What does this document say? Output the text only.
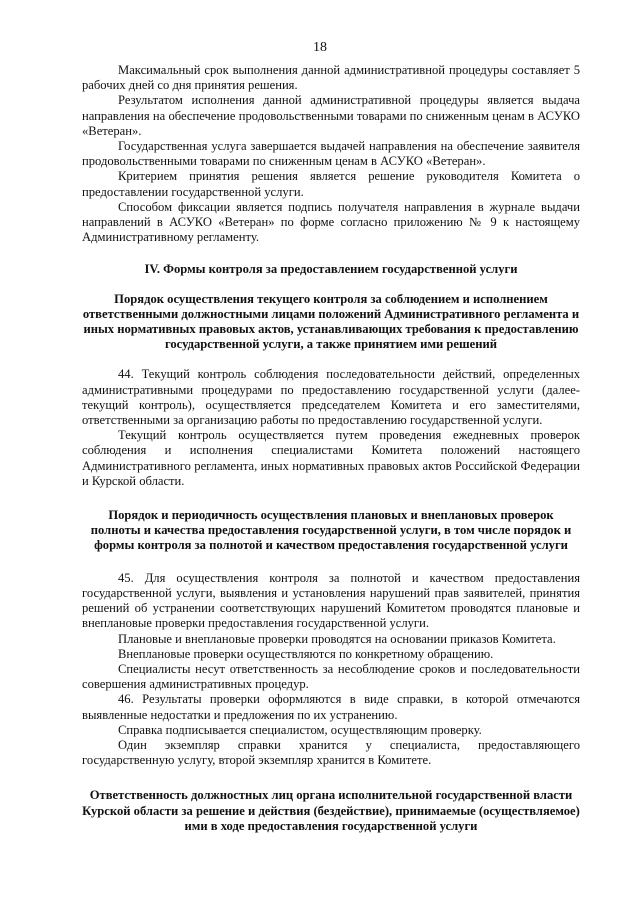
18

Максимальный срок выполнения данной административной процедуры составляет 5 рабочих дней со дня принятия решения.

Результатом исполнения данной административной процедуры является выдача направления на обеспечение продовольственными товарами по сниженным ценам в АСУКО «Ветеран».

Государственная услуга завершается выдачей направления на обеспечение заявителя продовольственными товарами по сниженным ценам в АСУКО «Ветеран».

Критерием принятия решения является решение руководителя Комитета о предоставлении государственной услуги.

Способом фиксации является подпись получателя направления в журнале выдачи направлений в АСУКО «Ветеран» по форме согласно приложению № 9 к настоящему Административному регламенту.

IV. Формы контроля за предоставлением государственной услуги
Порядок осуществления текущего контроля за соблюдением и исполнением ответственными должностными лицами положений Административного регламента и иных нормативных правовых актов, устанавливающих требования к предоставлению государственной услуги, а также принятием ими решений

44. Текущий контроль соблюдения последовательности действий, определенных административными процедурами по предоставлению государственной услуги (далее- текущий контроль), осуществляется председателем Комитета и его заместителями, ответственными за организацию работы по предоставлению государственной услуги.

Текущий контроль осуществляется путем проведения ежедневных проверок соблюдения и исполнения специалистами Комитета положений настоящего Административного регламента, иных нормативных правовых актов Российской Федерации и Курской области.

Порядок и периодичность осуществления плановых и внеплановых проверок полноты и качества предоставления государственной услуги, в том числе порядок и формы контроля за полнотой и качеством предоставления государственной услуги

45. Для осуществления контроля за полнотой и качеством предоставления государственной услуги, выявления и установления нарушений прав заявителей, принятия решений об устранении соответствующих нарушений Комитетом проводятся плановые и внеплановые проверки предоставления государственной услуги.

Плановые и внеплановые проверки проводятся на основании приказов Комитета.

Внеплановые проверки осуществляются по конкретному обращению.

Специалисты несут ответственность за несоблюдение сроков и последовательности совершения административных процедур.

46. Результаты проверки оформляются в виде справки, в которой отмечаются выявленные недостатки и предложения по их устранению.

Справка подписывается специалистом, осуществляющим проверку.

Один экземпляр справки хранится у специалиста, предоставляющего государственную услугу, второй экземпляр хранится в Комитете.

Ответственность должностных лиц органа исполнительной государственной власти Курской области за решение и действия (бездействие), принимаемые (осуществляемое) ими в ходе предоставления государственной услуги
